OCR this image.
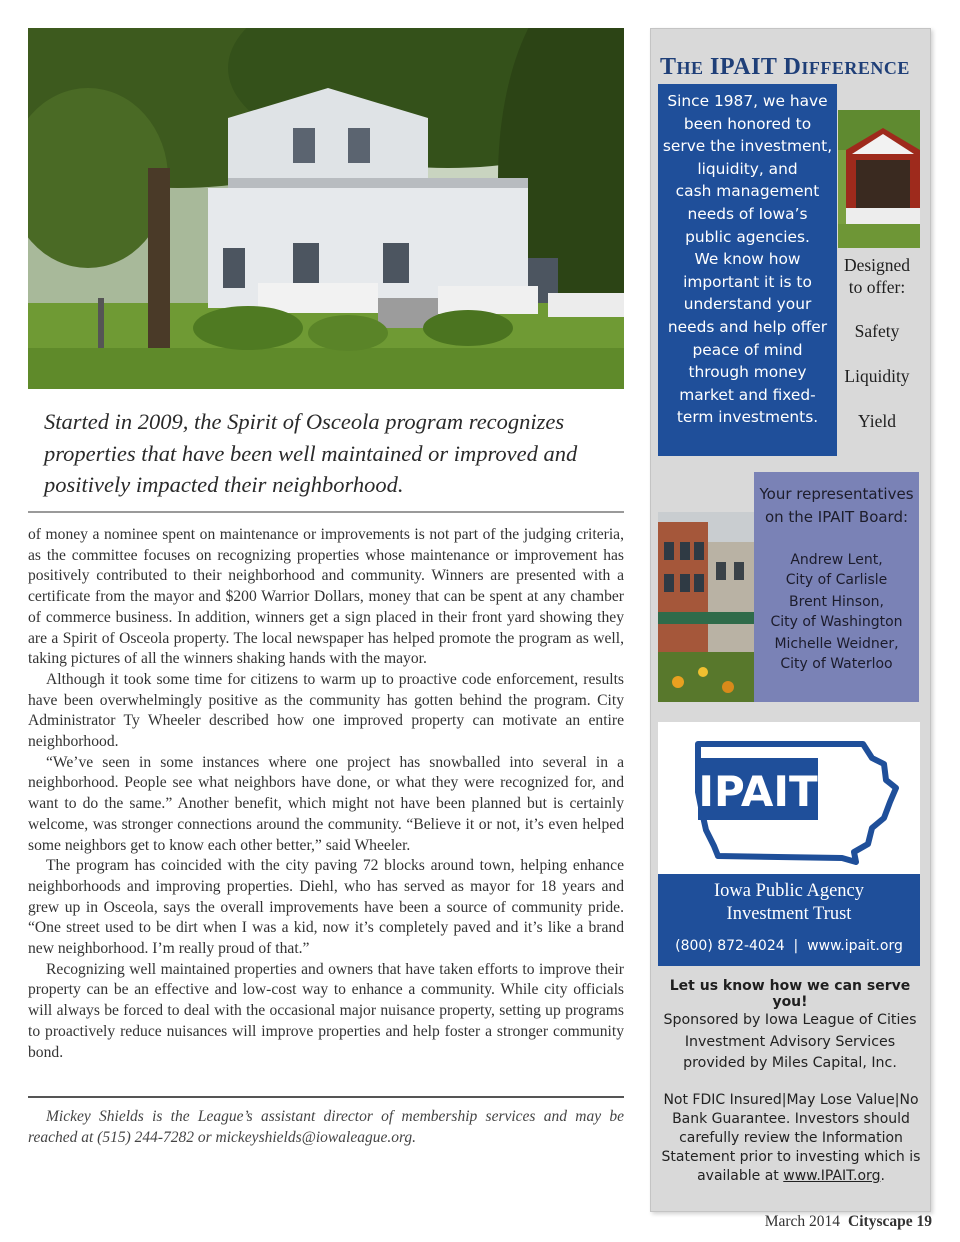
Started in 2009, the Spirit of Osceola program recognizes

properties that have been well maintained or improved and

positively impacted their neighborhood.

of money a nominee spent on maintenance or improvements is not part of the judging criteria, as the committee focuses on recognizing properties whose maintenance or improvement has positively contributed to their neighborhood and community. Winners are presented with a certificate from the mayor and $200 Warrior Dollars, money that can be spent at any chamber of commerce business. In addition, winners get a sign placed in their front yard showing they are a Spirit of Osceola property. The local newspaper has helped promote the program as well, taking pictures of all the winners shaking hands with the mayor.

Although it took some time for citizens to warm up to proactive code enforcement, results have been overwhelmingly positive as the community has gotten behind the program. City Administrator Ty Wheeler described how one improved property can motivate an entire neighborhood.

“We’ve seen in some instances where one project has snowballed into several in a neighborhood. People see what neighbors have done, or what they were recognized for, and want to do the same.” Another benefit, which might not have been planned but is certainly welcome, was stronger connections around the community. “Believe it or not, it’s even helped some neighbors get to know each other better,” said Wheeler.

The program has coincided with the city paving 72 blocks around town, helping enhance neighborhoods and improving properties. Diehl, who has served as mayor for 18 years and grew up in Osceola, says the overall improvements have been a source of community pride. “One street used to be dirt when I was a kid, now it’s completely paved and it’s like a brand new neighborhood. I’m really proud of that.”

Recognizing well maintained properties and owners that have taken efforts to improve their property can be an effective and low-cost way to enhance a community. While city officials will always be forced to deal with the occasional major nuisance property, setting up programs to proactively reduce nuisances will improve properties and help foster a stronger community bond.

Mickey Shields is the League’s assistant director of membership services and may be reached at (515) 244-7282 or mickeyshields@iowaleague.org.

THE IPAIT DIFFERENCE
Since 1987, we have
been honored to
serve the investment,
liquidity, and
cash management
needs of Iowa’s
public agencies.
We know how
important it is to
understand your
needs and help offer
peace of mind
through money
market and fixed-
term investments.
Designed
to offer:
Safety
Liquidity
Yield
Your representatives
on the IPAIT Board:
Andrew Lent,
City of Carlisle
Brent Hinson,
City of Washington
Michelle Weidner,
City of Waterloo
IPAIT
Iowa Public Agency
Investment Trust
(800) 872-4024 | www.ipait.org
Let us know how we can serve you!
Sponsored by Iowa League of Cities
Investment Advisory Services
provided by Miles Capital, Inc.
Not FDIC Insured|May Lose Value|No
Bank Guarantee. Investors should
carefully review the Information
Statement prior to investing which is
available at www.IPAIT.org.
March 2014 Cityscape 19
